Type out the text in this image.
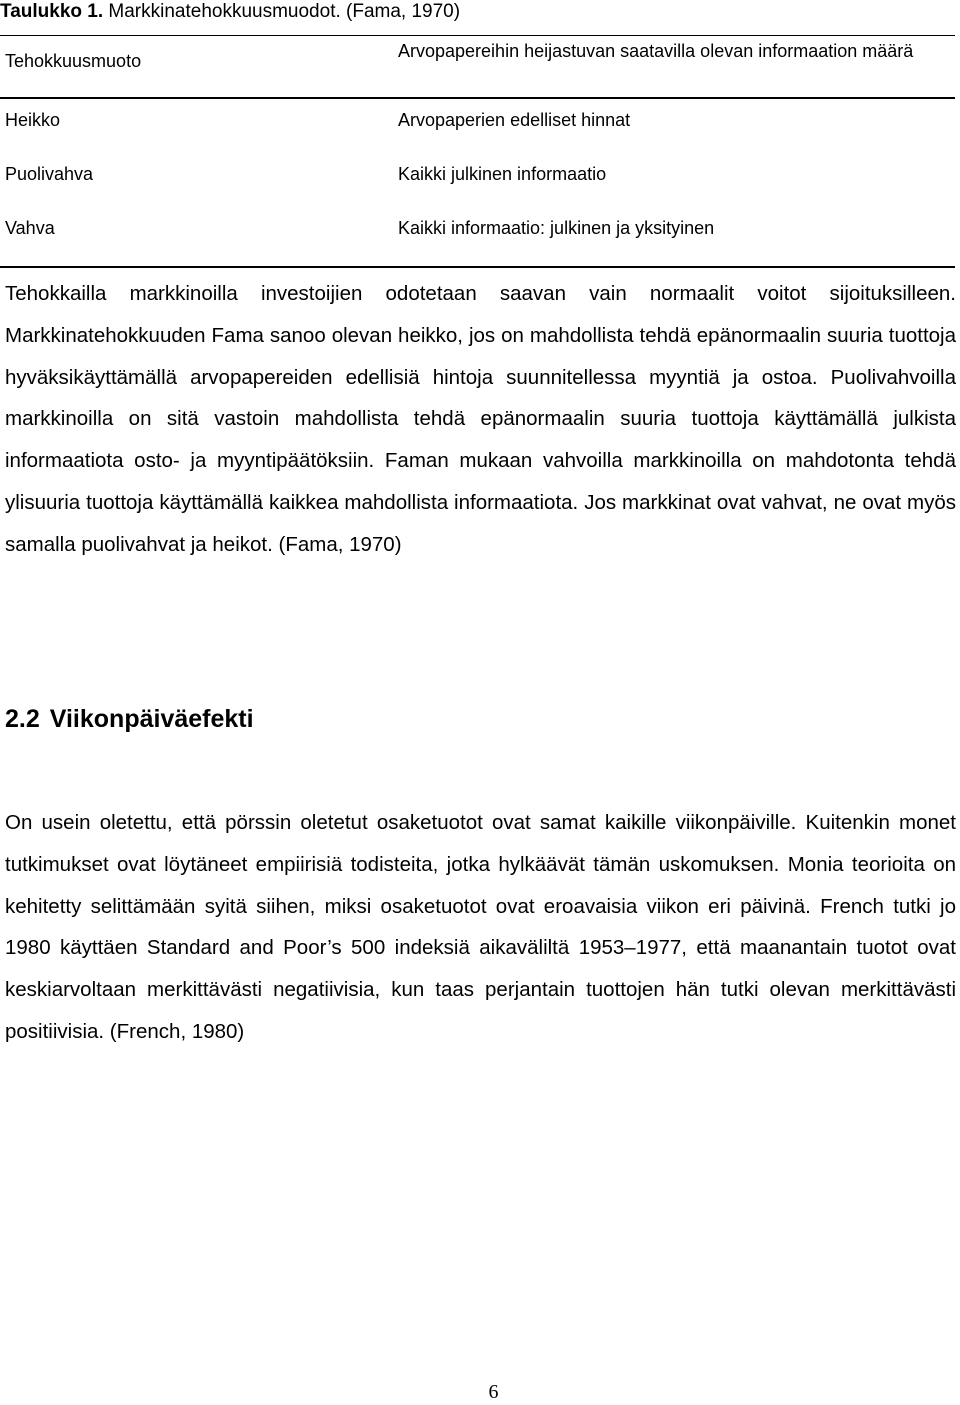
Taulukko 1. Markkinatehokkuusmuodot. (Fama, 1970)
Tehokkuusmuoto	Arvopapereihin heijastuvan saatavilla olevan informaation määrä
Heikko	Arvopaperien edelliset hinnat
Puolivahva	Kaikki julkinen informaatio
Vahva	Kaikki informaatio: julkinen ja yksityinen

Tehokkailla markkinoilla investoijien odotetaan saavan vain normaalit voitot sijoituksilleen. Markkinatehokkuuden Fama sanoo olevan heikko, jos on mahdollista tehdä epänormaalin suuria tuottoja hyväksikäyttämällä arvopapereiden edellisiä hintoja suunnitellessa myyntiä ja ostoa. Puolivahvoilla markkinoilla on sitä vastoin mahdollista tehdä epänormaalin suuria tuottoja käyttämällä julkista informaatiota osto- ja myyntipäätöksiin. Faman mukaan vahvoilla markkinoilla on mahdotonta tehdä ylisuuria tuottoja käyttämällä kaikkea mahdollista informaatiota. Jos markkinat ovat vahvat, ne ovat myös samalla puolivahvat ja heikot. (Fama, 1970)

2.2 Viikonpäiväefekti

On usein oletettu, että pörssin oletetut osaketuotot ovat samat kaikille viikonpäiville. Kuitenkin monet tutkimukset ovat löytäneet empiirisiä todisteita, jotka hylkäävät tämän uskomuksen. Monia teorioita on kehitetty selittämään syitä siihen, miksi osaketuotot ovat eroavaisia viikon eri päivinä. French tutki jo 1980 käyttäen Standard and Poor’s 500 indeksiä aikaväliltä 1953–1977, että maanantain tuotot ovat keskiarvoltaan merkittävästi negatiivisia, kun taas perjantain tuottojen hän tutki olevan merkittävästi positiivisia. (French, 1980)

6
